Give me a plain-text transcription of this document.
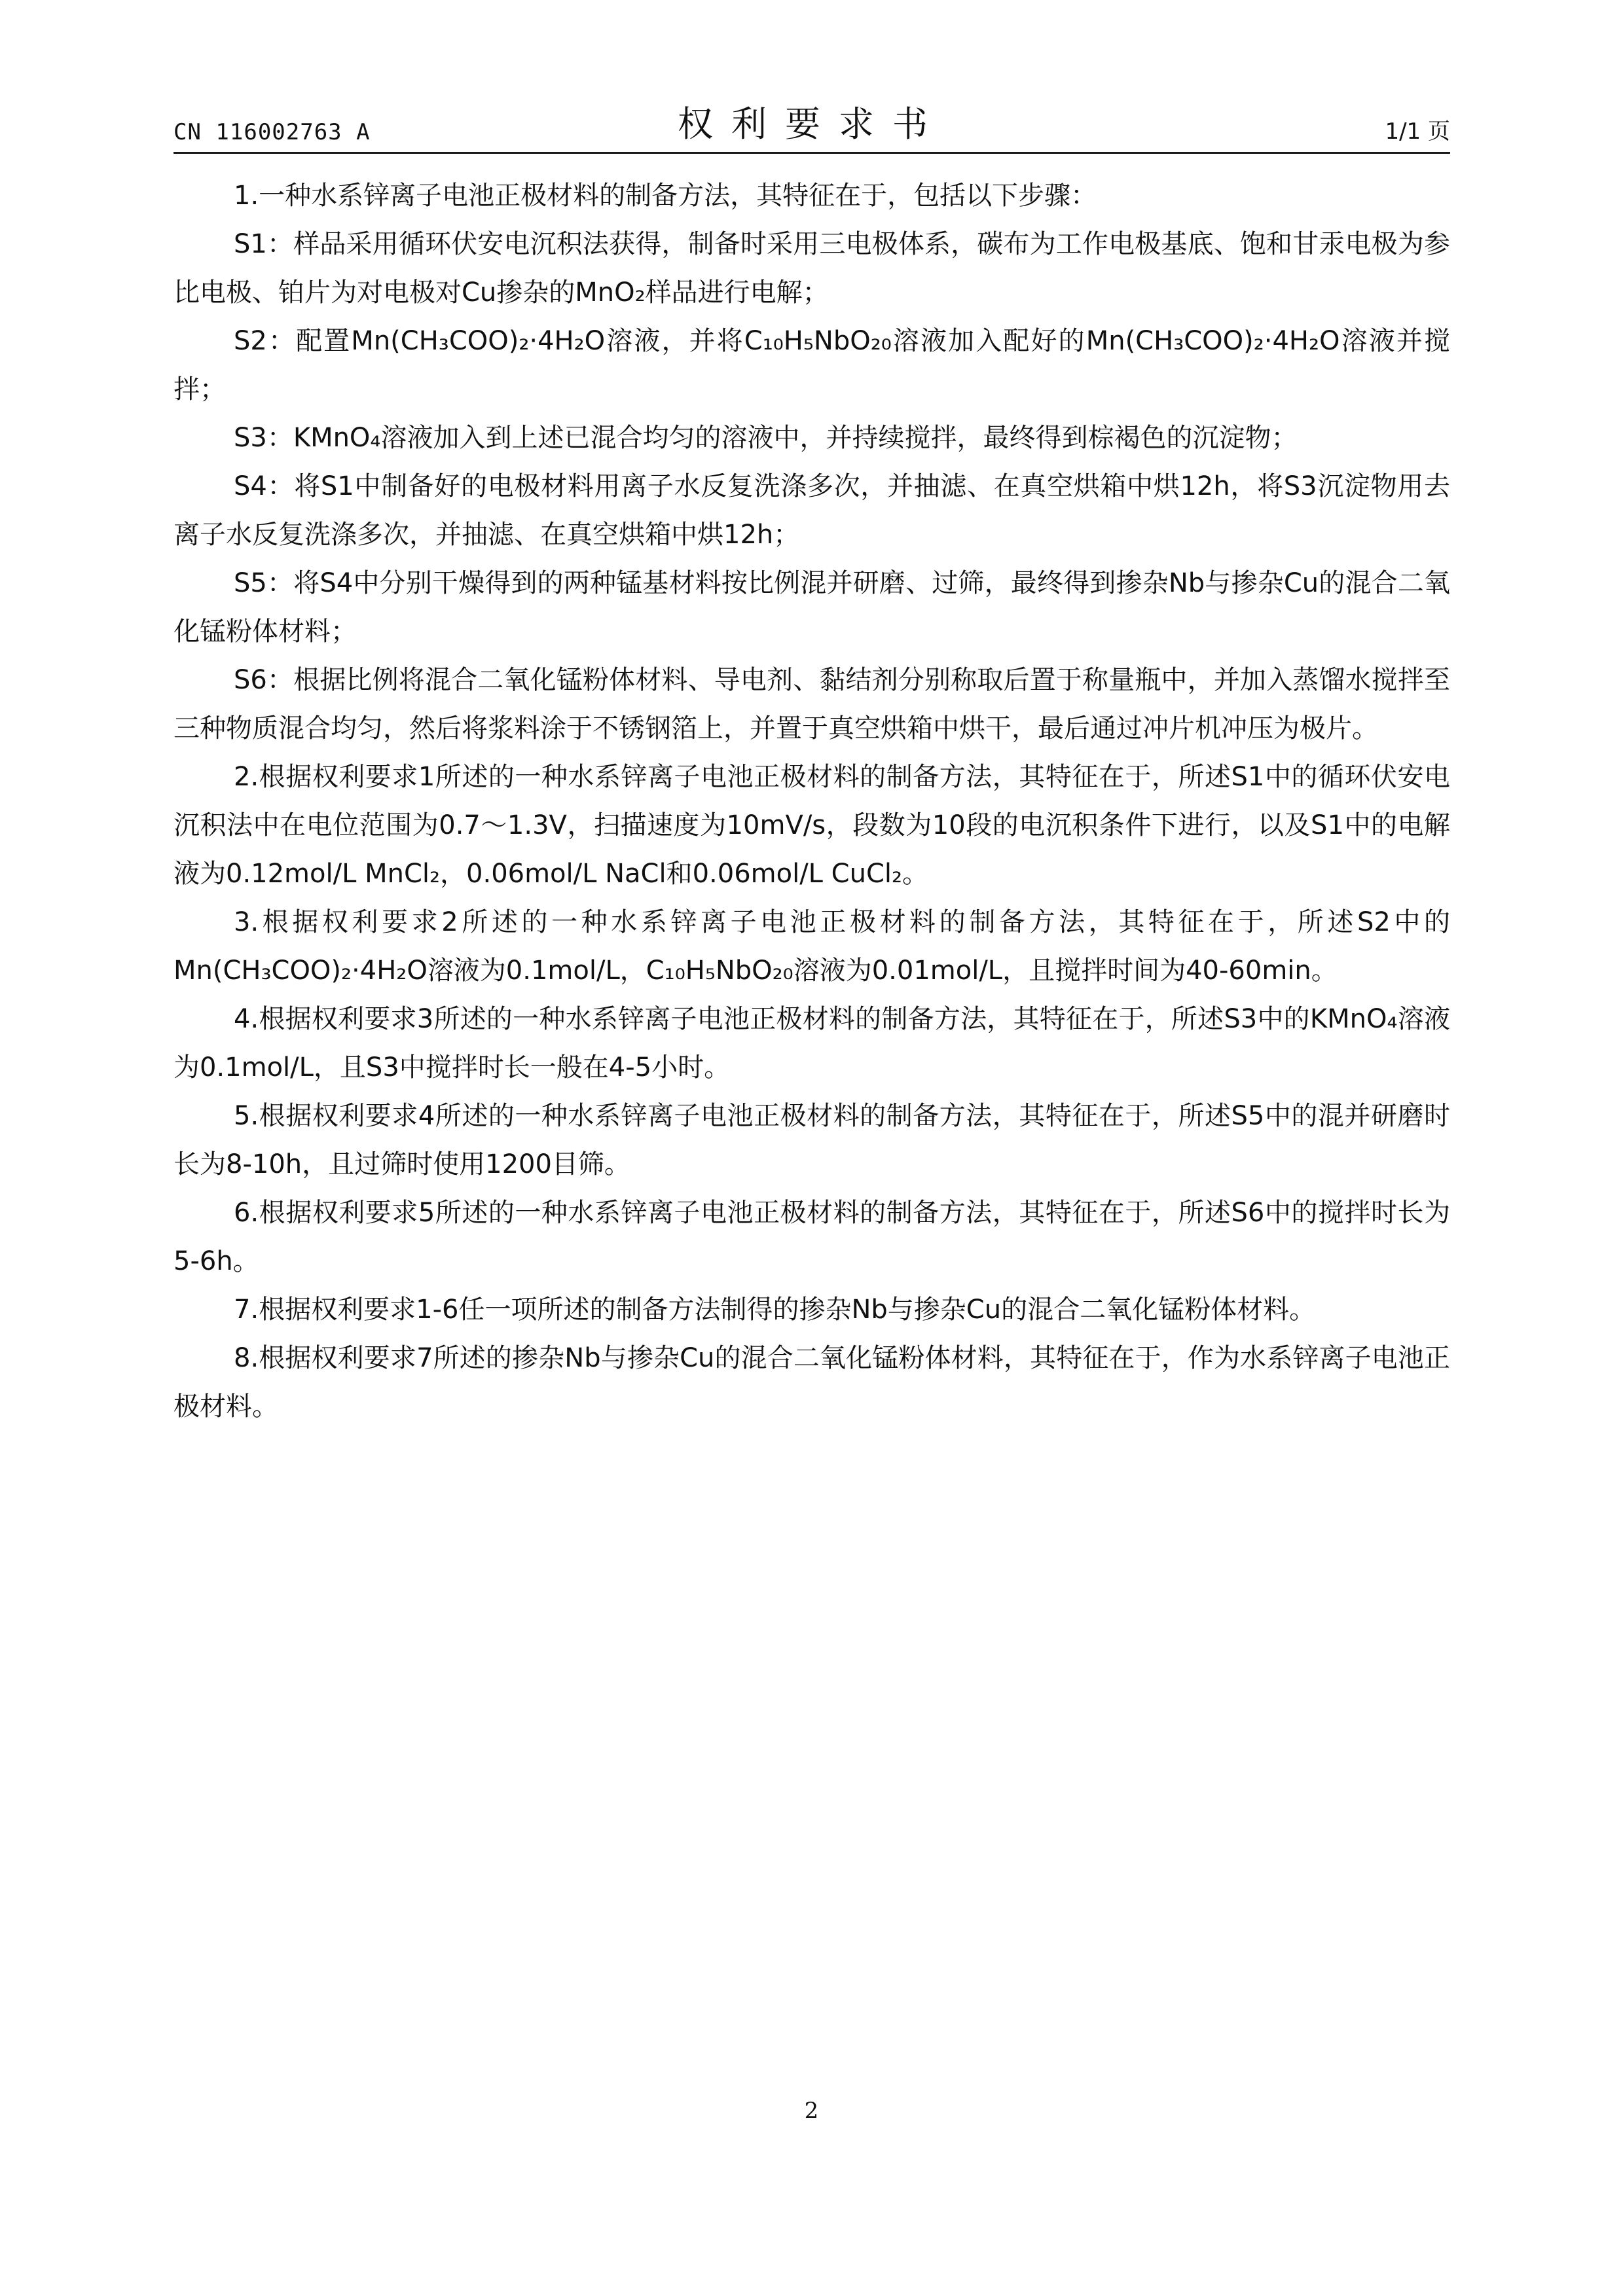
CN 116002763 A	权利要求书	1/1 页

1.一种水系锌离子电池正极材料的制备方法，其特征在于，包括以下步骤：

S1：样品采用循环伏安电沉积法获得，制备时采用三电极体系，碳布为工作电极基底、饱和甘汞电极为参比电极、铂片为对电极对Cu掺杂的MnO₂样品进行电解；

S2：配置Mn(CH₃COO)₂·4H₂O溶液，并将C₁₀H₅NbO₂₀溶液加入配好的Mn(CH₃COO)₂·4H₂O溶液并搅拌；

S3：KMnO₄溶液加入到上述已混合均匀的溶液中，并持续搅拌，最终得到棕褐色的沉淀物；

S4：将S1中制备好的电极材料用离子水反复洗涤多次，并抽滤、在真空烘箱中烘12h，将S3沉淀物用去离子水反复洗涤多次，并抽滤、在真空烘箱中烘12h；

S5：将S4中分别干燥得到的两种锰基材料按比例混并研磨、过筛，最终得到掺杂Nb与掺杂Cu的混合二氧化锰粉体材料；

S6：根据比例将混合二氧化锰粉体材料、导电剂、黏结剂分别称取后置于称量瓶中，并加入蒸馏水搅拌至三种物质混合均匀，然后将浆料涂于不锈钢箔上，并置于真空烘箱中烘干，最后通过冲片机冲压为极片。

2.根据权利要求1所述的一种水系锌离子电池正极材料的制备方法，其特征在于，所述S1中的循环伏安电沉积法中在电位范围为0.7～1.3V，扫描速度为10mV/s，段数为10段的电沉积条件下进行，以及S1中的电解液为0.12mol/L MnCl₂，0.06mol/L NaCl和0.06mol/L CuCl₂。

3.根据权利要求2所述的一种水系锌离子电池正极材料的制备方法，其特征在于，所述S2中的Mn(CH₃COO)₂·4H₂O溶液为0.1mol/L，C₁₀H₅NbO₂₀溶液为0.01mol/L，且搅拌时间为40-60min。

4.根据权利要求3所述的一种水系锌离子电池正极材料的制备方法，其特征在于，所述S3中的KMnO₄溶液为0.1mol/L，且S3中搅拌时长一般在4-5小时。

5.根据权利要求4所述的一种水系锌离子电池正极材料的制备方法，其特征在于，所述S5中的混并研磨时长为8-10h，且过筛时使用1200目筛。

6.根据权利要求5所述的一种水系锌离子电池正极材料的制备方法，其特征在于，所述S6中的搅拌时长为5-6h。

7.根据权利要求1-6任一项所述的制备方法制得的掺杂Nb与掺杂Cu的混合二氧化锰粉体材料。

8.根据权利要求7所述的掺杂Nb与掺杂Cu的混合二氧化锰粉体材料，其特征在于，作为水系锌离子电池正极材料。

2
